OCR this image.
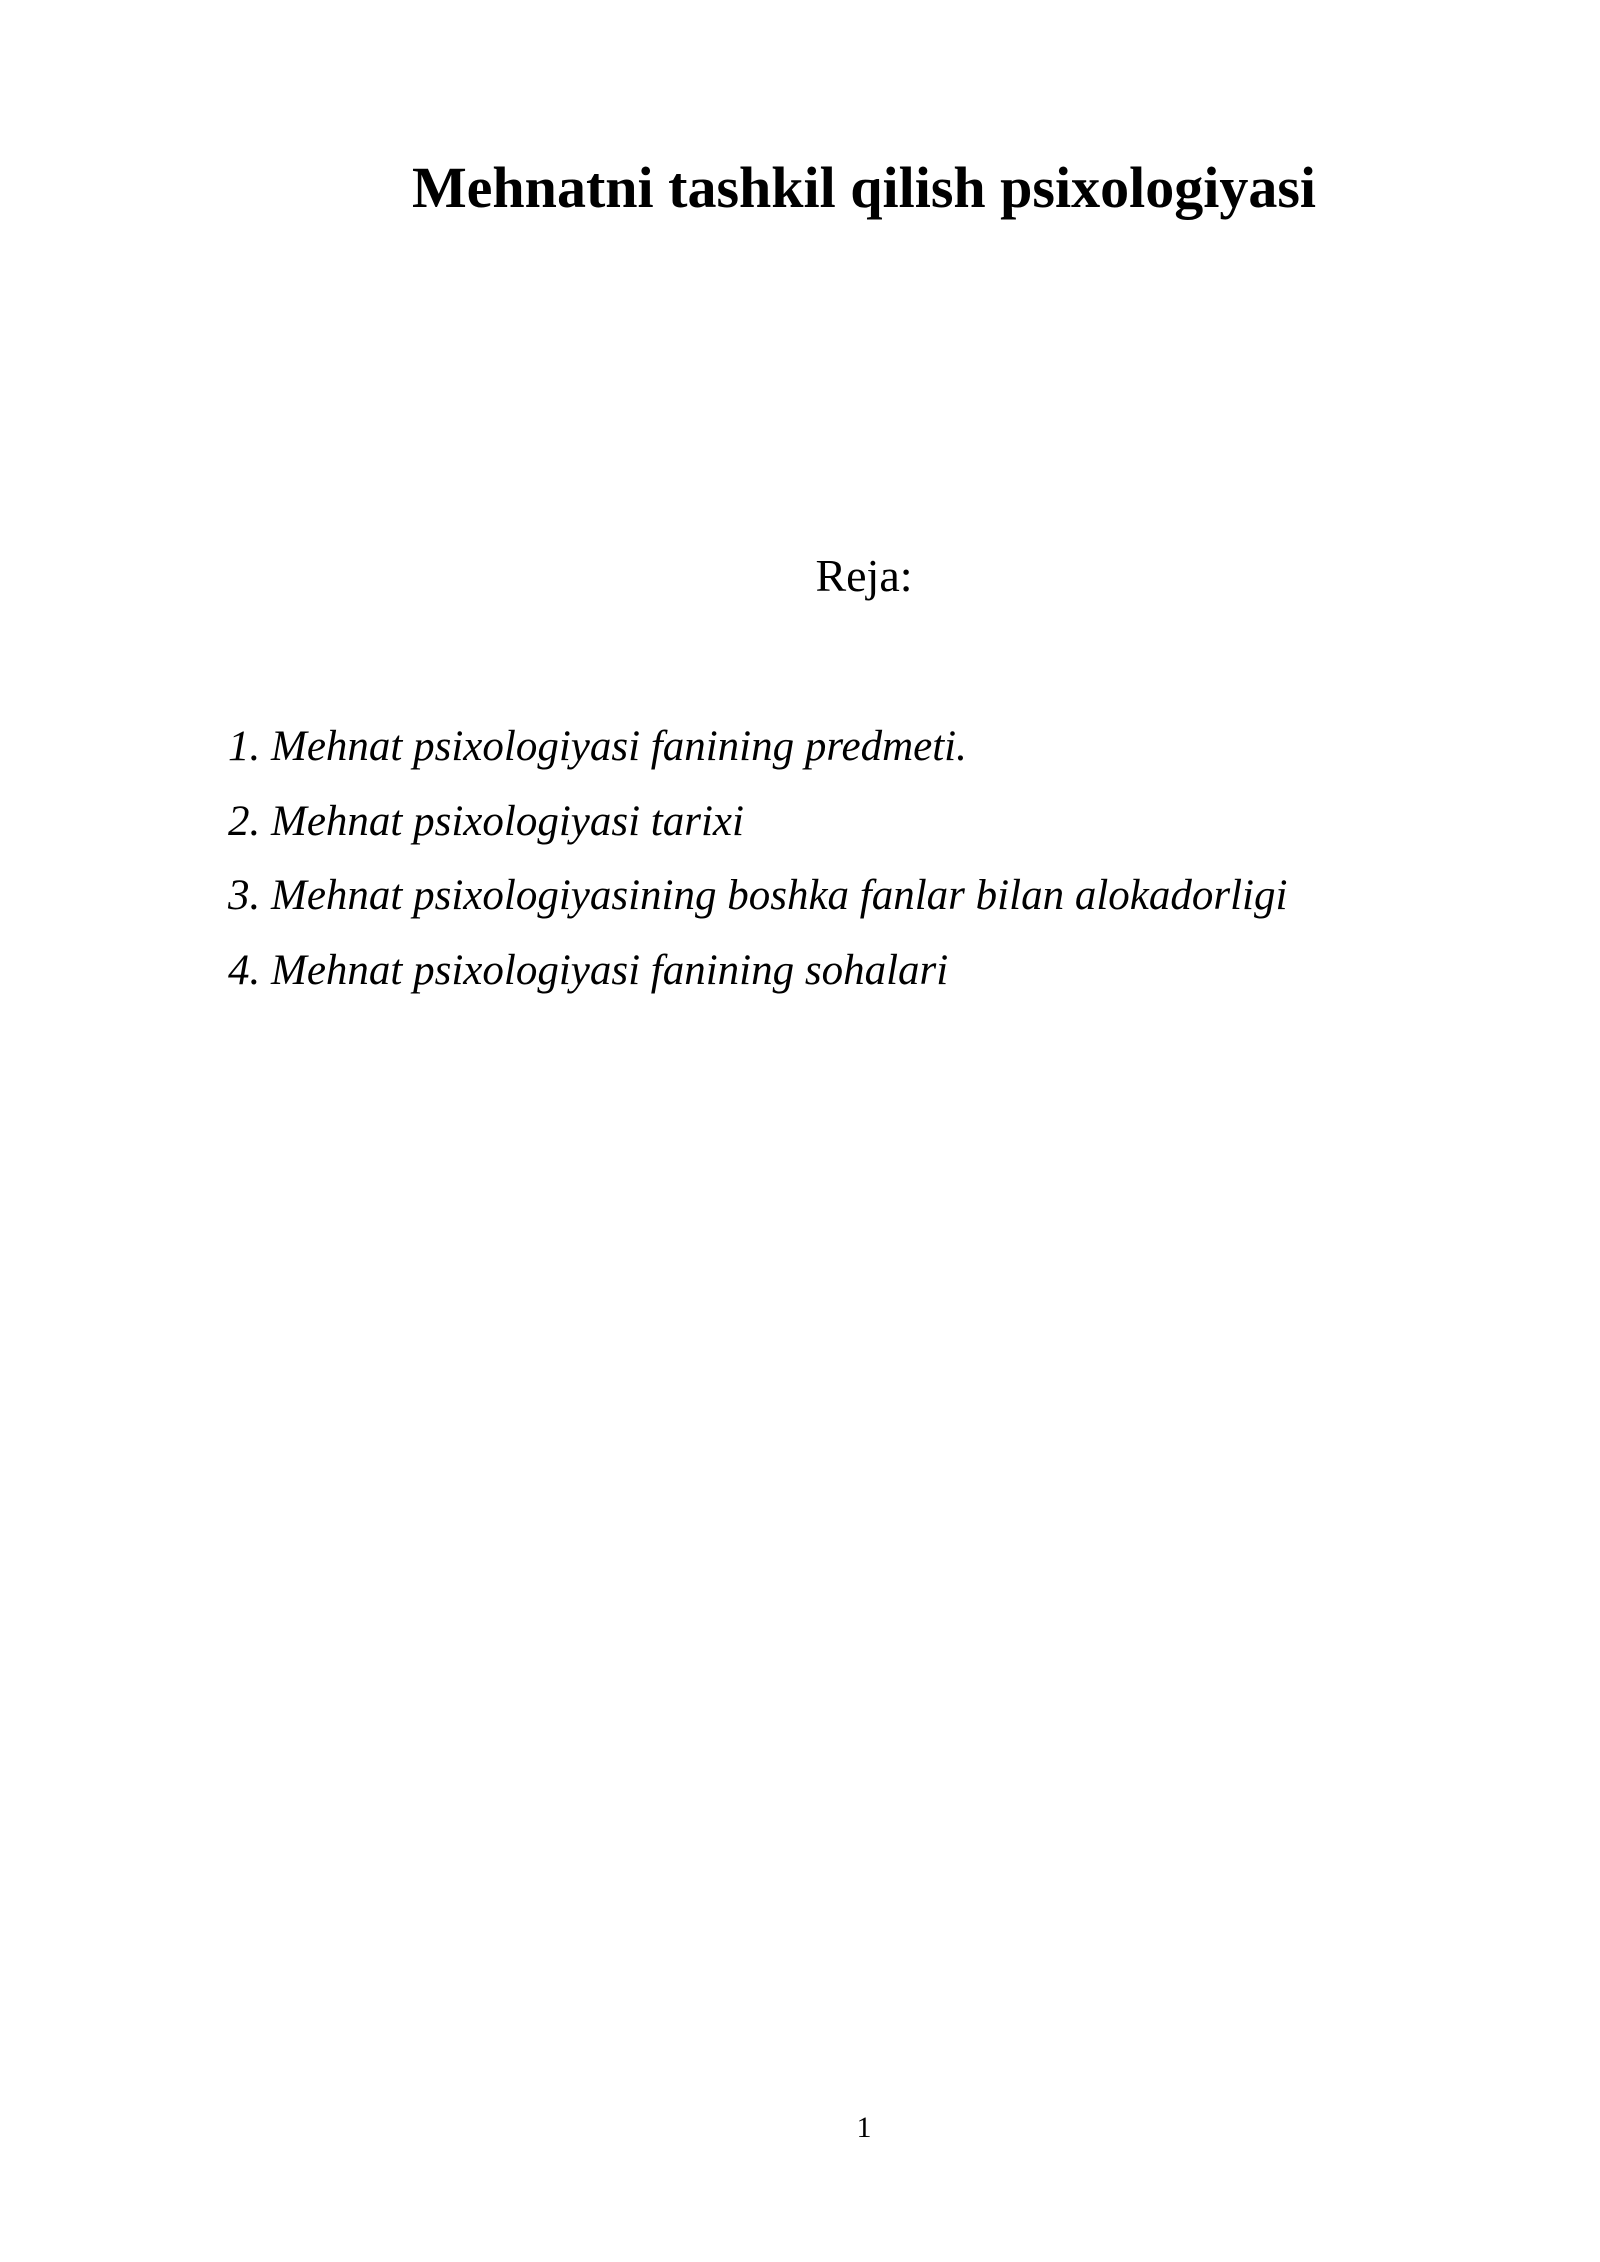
Mehnatni tashkil qilish psixologiyasi

Reja:

1. Mehnat psixologiyasi fanining predmeti.
2. Mehnat psixologiyasi tarixi
3. Mehnat psixologiyasining boshka fanlar bilan alokadorligi
4. Mehnat psixologiyasi fanining sohalari

1
